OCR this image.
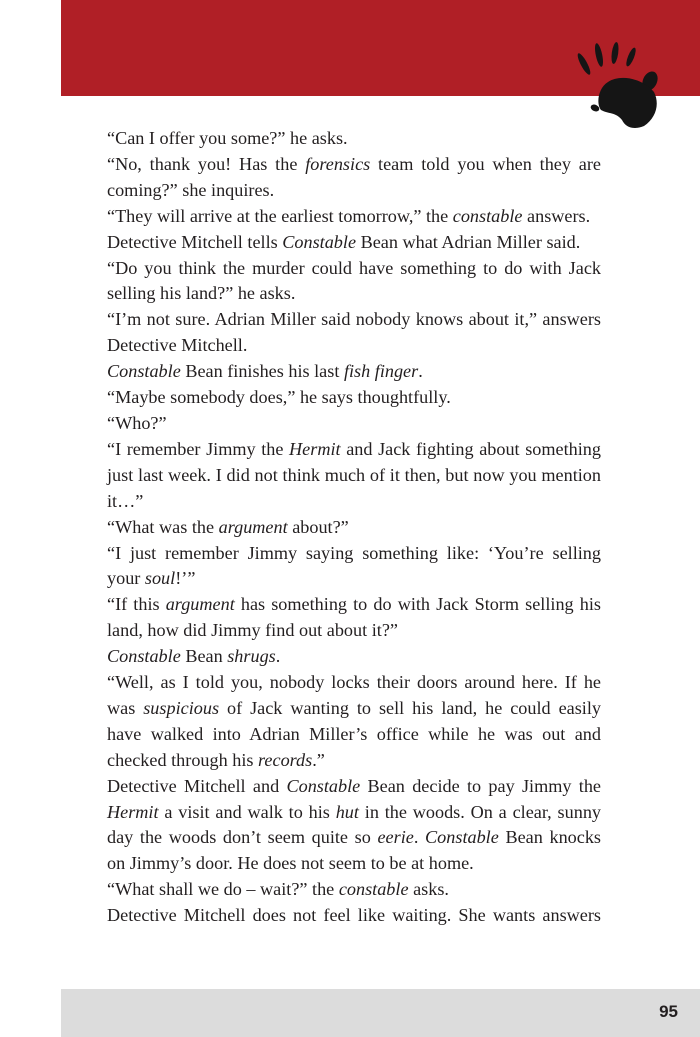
“Can I offer you some?” he asks.

“No, thank you! Has the forensics team told you when they are coming?” she inquires.

“They will arrive at the earliest tomorrow,” the constable answers.

Detective Mitchell tells Constable Bean what Adrian Miller said.

“Do you think the murder could have something to do with Jack selling his land?” he asks.

“I’m not sure. Adrian Miller said nobody knows about it,” answers Detective Mitchell.

Constable Bean finishes his last fish finger.

“Maybe somebody does,” he says thoughtfully.

“Who?”

“I remember Jimmy the Hermit and Jack fighting about something just last week. I did not think much of it then, but now you mention it…”

“What was the argument about?”

“I just remember Jimmy saying something like: ‘You’re selling your soul!’”

“If this argument has something to do with Jack Storm selling his land, how did Jimmy find out about it?”

Constable Bean shrugs.

“Well, as I told you, nobody locks their doors around here. If he was suspicious of Jack wanting to sell his land, he could easily have walked into Adrian Miller’s office while he was out and checked through his records.”

Detective Mitchell and Constable Bean decide to pay Jimmy the Hermit a visit and walk to his hut in the woods. On a clear, sunny day the woods don’t seem quite so eerie. Constable Bean knocks on Jimmy’s door. He does not seem to be at home.

“What shall we do – wait?” the constable asks.

Detective Mitchell does not feel like waiting. She wants answers

95
